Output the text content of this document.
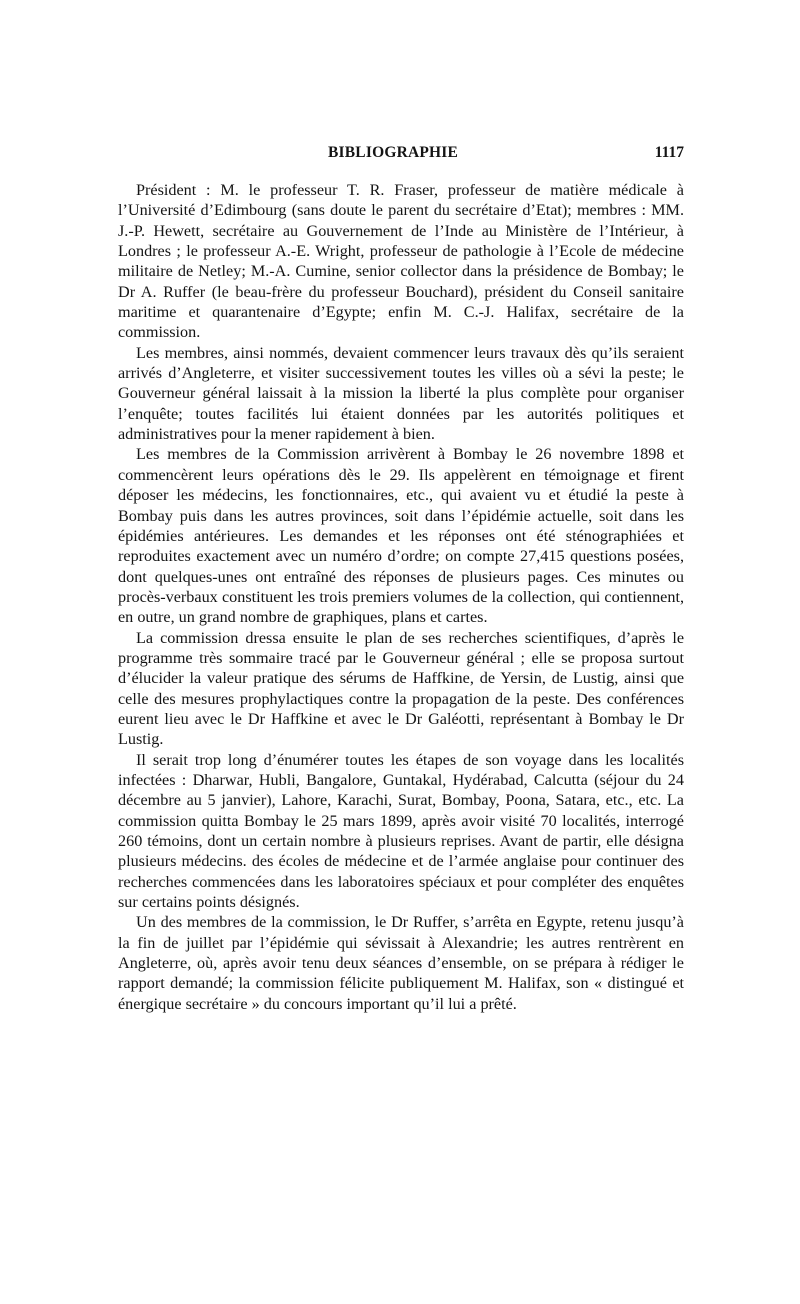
BIBLIOGRAPHIE	1117

Président : M. le professeur T. R. Fraser, professeur de matière médicale à l’Université d’Edimbourg (sans doute le parent du secrétaire d’Etat); membres : MM. J.-P. Hewett, secrétaire au Gouvernement de l’Inde au Ministère de l’Intérieur, à Londres ; le professeur A.-E. Wright, professeur de pathologie à l’Ecole de médecine militaire de Netley; M.-A. Cumine, senior collector dans la présidence de Bombay; le Dr A. Ruffer (le beau-frère du professeur Bouchard), président du Conseil sanitaire maritime et quarantenaire d’Egypte; enfin M. C.-J. Halifax, secrétaire de la commission.

Les membres, ainsi nommés, devaient commencer leurs travaux dès qu’ils seraient arrivés d’Angleterre, et visiter successivement toutes les villes où a sévi la peste; le Gouverneur général laissait à la mission la liberté la plus complète pour organiser l’enquête; toutes facilités lui étaient données par les autorités politiques et administratives pour la mener rapidement à bien.

Les membres de la Commission arrivèrent à Bombay le 26 novembre 1898 et commencèrent leurs opérations dès le 29. Ils appelèrent en témoignage et firent déposer les médecins, les fonctionnaires, etc., qui avaient vu et étudié la peste à Bombay puis dans les autres provinces, soit dans l’épidémie actuelle, soit dans les épidémies antérieures. Les demandes et les réponses ont été sténographiées et reproduites exactement avec un numéro d’ordre; on compte 27,415 questions posées, dont quelques-unes ont entraîné des réponses de plusieurs pages. Ces minutes ou procès-verbaux constituent les trois premiers volumes de la collection, qui contiennent, en outre, un grand nombre de graphiques, plans et cartes.

La commission dressa ensuite le plan de ses recherches scientifiques, d’après le programme très sommaire tracé par le Gouverneur général ; elle se proposa surtout d’élucider la valeur pratique des sérums de Haffkine, de Yersin, de Lustig, ainsi que celle des mesures prophylactiques contre la propagation de la peste. Des conférences eurent lieu avec le Dr Haffkine et avec le Dr Galéotti, représentant à Bombay le Dr Lustig.

Il serait trop long d’énumérer toutes les étapes de son voyage dans les localités infectées : Dharwar, Hubli, Bangalore, Guntakal, Hydérabad, Calcutta (séjour du 24 décembre au 5 janvier), Lahore, Karachi, Surat, Bombay, Poona, Satara, etc., etc. La commission quitta Bombay le 25 mars 1899, après avoir visité 70 localités, interrogé 260 témoins, dont un certain nombre à plusieurs reprises. Avant de partir, elle désigna plusieurs médecins. des écoles de médecine et de l’armée anglaise pour continuer des recherches commencées dans les laboratoires spéciaux et pour compléter des enquêtes sur certains points désignés.

Un des membres de la commission, le Dr Ruffer, s’arrêta en Egypte, retenu jusqu’à la fin de juillet par l’épidémie qui sévissait à Alexandrie; les autres rentrèrent en Angleterre, où, après avoir tenu deux séances d’ensemble, on se prépara à rédiger le rapport demandé; la commission félicite publiquement M. Halifax, son « distingué et énergique secrétaire » du concours important qu’il lui a prêté.
